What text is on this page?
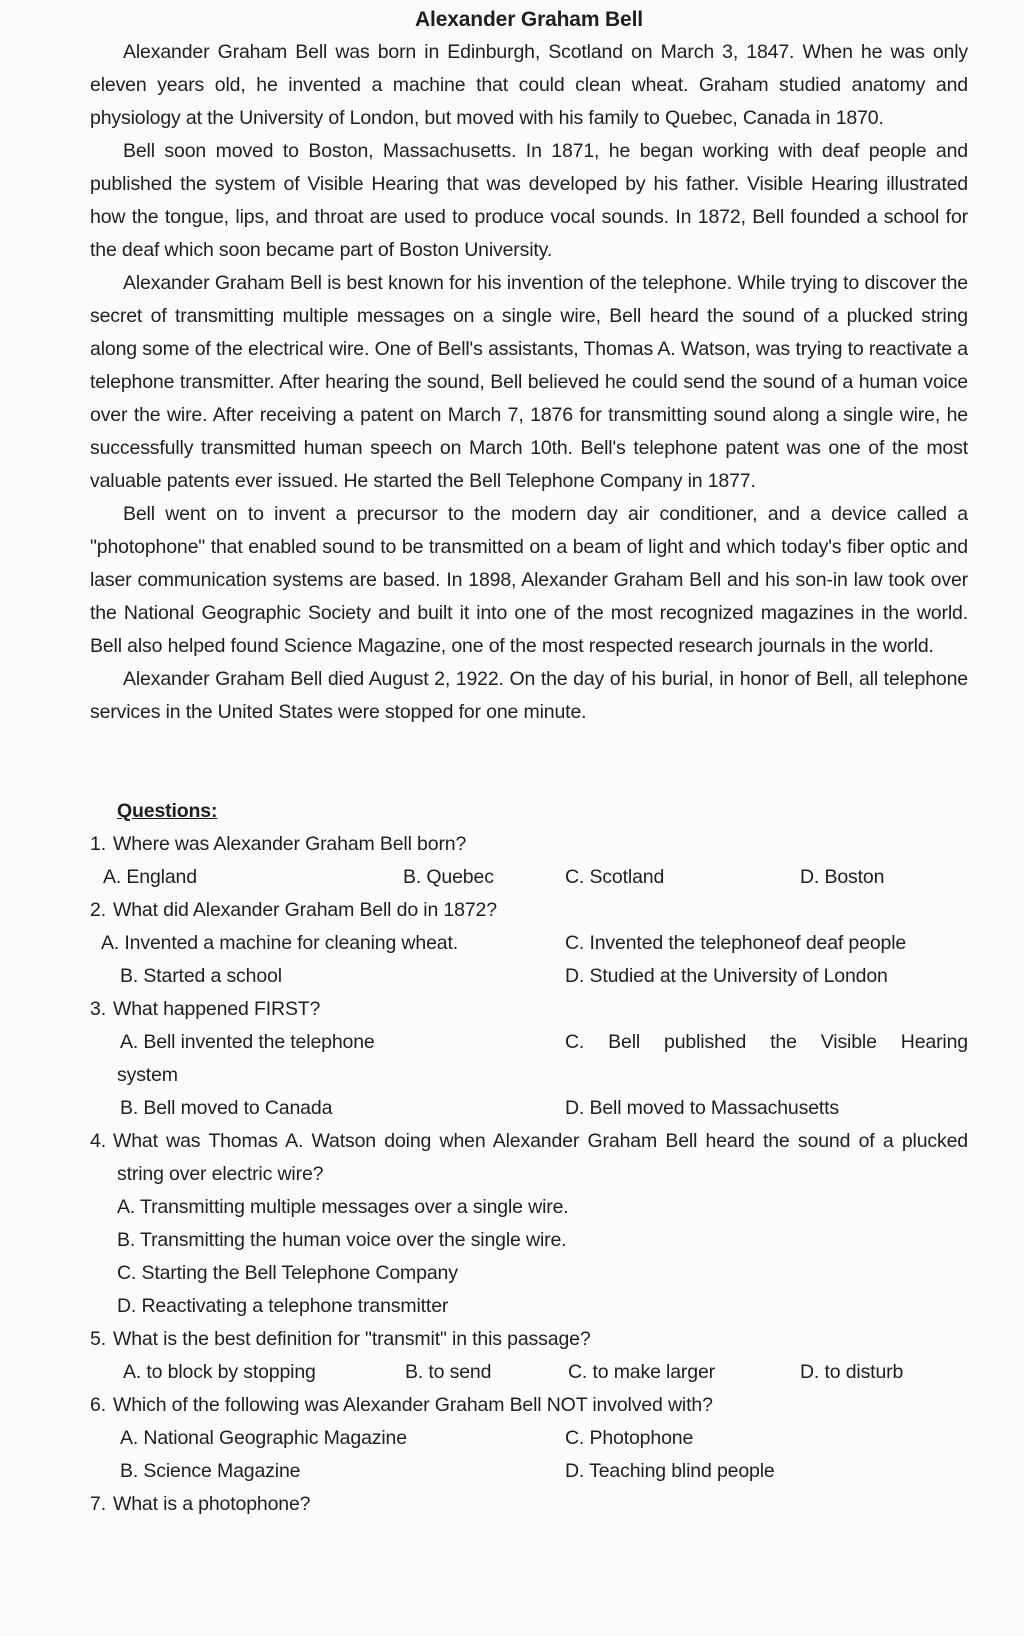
Alexander Graham Bell

Alexander Graham Bell was born in Edinburgh, Scotland on March 3, 1847. When he was only eleven years old, he invented a machine that could clean wheat. Graham studied anatomy and physiology at the University of London, but moved with his family to Quebec, Canada in 1870.

Bell soon moved to Boston, Massachusetts. In 1871, he began working with deaf people and published the system of Visible Hearing that was developed by his father. Visible Hearing illustrated how the tongue, lips, and throat are used to produce vocal sounds. In 1872, Bell founded a school for the deaf which soon became part of Boston University.

Alexander Graham Bell is best known for his invention of the telephone. While trying to discover the secret of transmitting multiple messages on a single wire, Bell heard the sound of a plucked string along some of the electrical wire. One of Bell's assistants, Thomas A. Watson, was trying to reactivate a telephone transmitter. After hearing the sound, Bell believed he could send the sound of a human voice over the wire. After receiving a patent on March 7, 1876 for transmitting sound along a single wire, he successfully transmitted human speech on March 10th. Bell's telephone patent was one of the most valuable patents ever issued. He started the Bell Telephone Company in 1877.

Bell went on to invent a precursor to the modern day air conditioner, and a device called a "photophone" that enabled sound to be transmitted on a beam of light and which today's fiber optic and laser communication systems are based. In 1898, Alexander Graham Bell and his son-in law took over the National Geographic Society and built it into one of the most recognized magazines in the world. Bell also helped found Science Magazine, one of the most respected research journals in the world.

Alexander Graham Bell died August 2, 1922. On the day of his burial, in honor of Bell, all telephone services in the United States were stopped for one minute.

Questions:

1. Where was Alexander Graham Bell born?

A. England	B. Quebec	C. Scotland	D. Boston

2. What did Alexander Graham Bell do in 1872?

A. Invented a machine for cleaning wheat.	C. Invented the telephoneof deaf people
B. Started a school	D. Studied at the University of London

3. What happened FIRST?

A. Bell invented the telephone	C. Bell published the Visible Hearing
system
B. Bell moved to Canada	D. Bell moved to Massachusetts

4. What was Thomas A. Watson doing when Alexander Graham Bell heard the sound of a plucked string over electric wire?

A. Transmitting multiple messages over a single wire.
B. Transmitting the human voice over the single wire.
C. Starting the Bell Telephone Company
D. Reactivating a telephone transmitter

5. What is the best definition for "transmit" in this passage?

A. to block by stopping	B. to send	C. to make larger	D. to disturb

6. Which of the following was Alexander Graham Bell NOT involved with?

A. National Geographic Magazine	C. Photophone
B. Science Magazine	D. Teaching blind people

7. What is a photophone?
